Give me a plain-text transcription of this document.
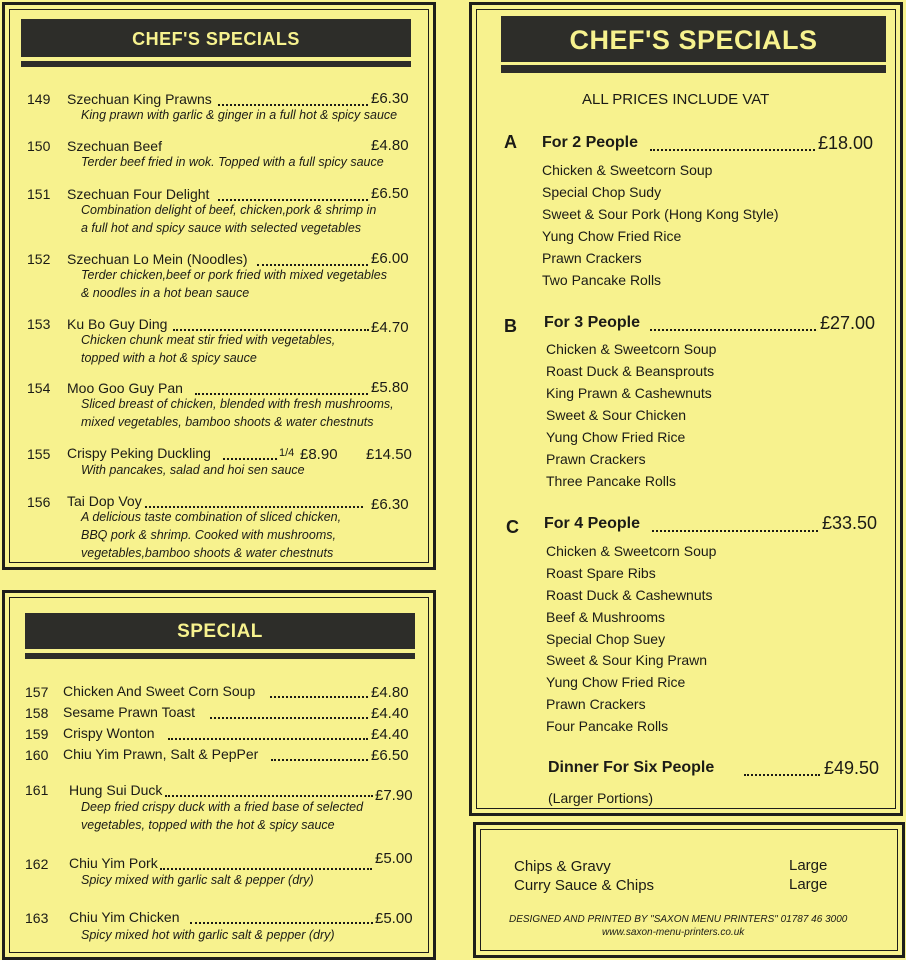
CHEF'S SPECIALS
149 Szechuan King Prawns	£6.30
King prawn with garlic & ginger in a full hot & spicy sauce
150 Szechuan Beef	£4.80
Terder beef fried in wok. Topped with a full spicy sauce
151 Szechuan Four Delight	£6.50
Combination delight of beef, chicken,pork & shrimp in
a full hot and spicy sauce with selected vegetables
152 Szechuan Lo Mein (Noodles)	£6.00
Terder chicken,beef or pork fried with mixed vegetables
& noodles in a hot bean sauce
153 Ku Bo Guy Ding	£4.70
Chicken chunk meat stir fried with vegetables,
topped with a hot & spicy sauce
154 Moo Goo Guy Pan	£5.80
Sliced breast of chicken, blended with fresh mushrooms,
mixed vegetables, bamboo shoots & water chestnuts
155 Crispy Peking Duckling	1/4 £8.90 £14.50
With pancakes, salad and hoi sen sauce
156 Tai Dop Voy	£6.30
A delicious taste combination of sliced chicken,
BBQ pork & shrimp. Cooked with mushrooms,
vegetables,bamboo shoots & water chestnuts
SPECIAL
157 Chicken And Sweet Corn Soup	£4.80
158 Sesame Prawn Toast	£4.40
159 Crispy Wonton	£4.40
160 Chiu Yim Prawn, Salt & PepPer	£6.50
161 Hung Sui Duck	£7.90
Deep fried crispy duck with a fried base of selected
vegetables, topped with the hot & spicy sauce
162 Chiu Yim Pork	£5.00
Spicy mixed with garlic salt & pepper (dry)
163 Chiu Yim Chicken	£5.00
Spicy mixed hot with garlic salt & pepper (dry)
CHEF'S SPECIALS
ALL PRICES INCLUDE VAT
A For 2 People	£18.00
Chicken & Sweetcorn Soup
Special Chop Sudy
Sweet & Sour Pork (Hong Kong Style)
Yung Chow Fried Rice
Prawn Crackers
Two Pancake Rolls
B For 3 People	£27.00
Chicken & Sweetcorn Soup
Roast Duck & Beansprouts
King Prawn & Cashewnuts
Sweet & Sour Chicken
Yung Chow Fried Rice
Prawn Crackers
Three Pancake Rolls
C For 4 People	£33.50
Chicken & Sweetcorn Soup
Roast Spare Ribs
Roast Duck & Cashewnuts
Beef & Mushrooms
Special Chop Suey
Sweet & Sour King Prawn
Yung Chow Fried Rice
Prawn Crackers
Four Pancake Rolls
Dinner For Six People	£49.50
(Larger Portions)
Chips & Gravy	Large
Curry Sauce & Chips	Large
DESIGNED AND PRINTED BY "SAXON MENU PRINTERS" 01787 46 3000
www.saxon-menu-printers.co.uk
